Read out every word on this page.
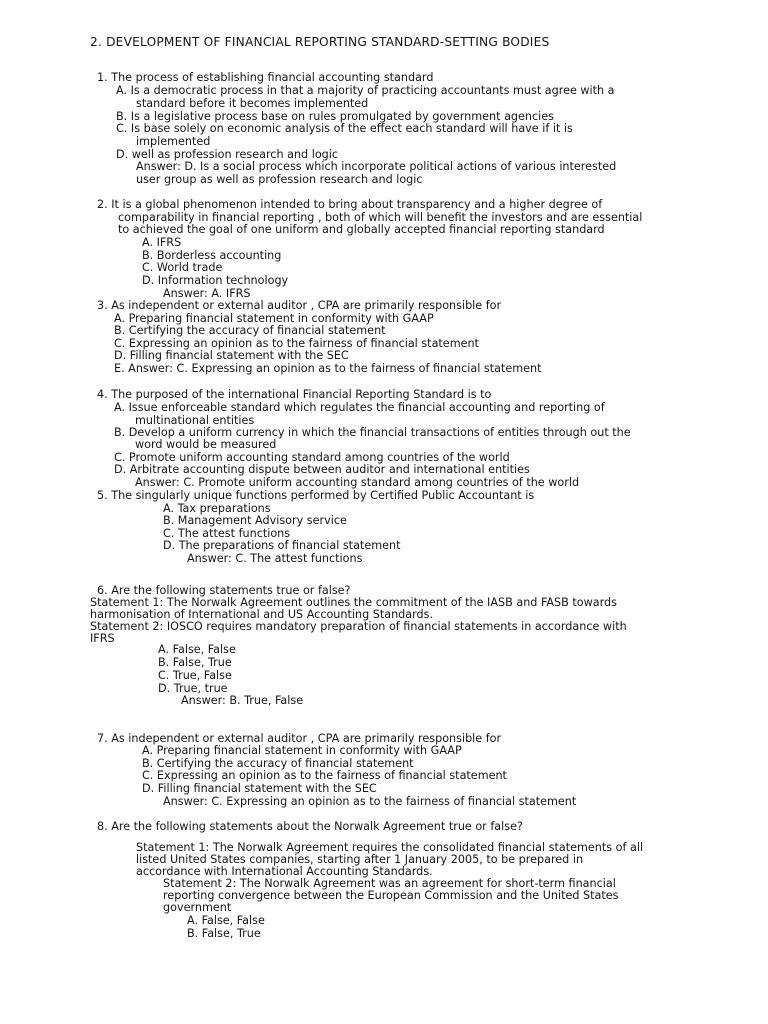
2. DEVELOPMENT OF FINANCIAL REPORTING STANDARD-SETTING BODIES
1. The process of establishing financial accounting standard
A. Is a democratic process in that a majority of practicing accountants must agree with a
standard before it becomes implemented
B. Is a legislative process base on rules promulgated by government agencies
C. Is base solely on economic analysis of the effect each standard will have if it is
implemented
D. well as profession research and logic
Answer: D. Is a social process which incorporate political actions of various interested
user group as well as profession research and logic
2. It is a global phenomenon intended to bring about transparency and a higher degree of
comparability in financial reporting , both of which will benefit the investors and are essential
to achieved the goal of one uniform and globally accepted financial reporting standard
A. IFRS
B. Borderless accounting
C. World trade
D. Information technology
Answer: A. IFRS
3. As independent or external auditor , CPA are primarily responsible for
A. Preparing financial statement in conformity with GAAP
B. Certifying the accuracy of financial statement
C. Expressing an opinion as to the fairness of financial statement
D. Filling financial statement with the SEC
E. Answer: C. Expressing an opinion as to the fairness of financial statement
4. The purposed of the international Financial Reporting Standard is to
A. Issue enforceable standard which regulates the financial accounting and reporting of
multinational entities
B. Develop a uniform currency in which the financial transactions of entities through out the
word would be measured
C. Promote uniform accounting standard among countries of the world
D. Arbitrate accounting dispute between auditor and international entities
Answer: C. Promote uniform accounting standard among countries of the world
5. The singularly unique functions performed by Certified Public Accountant is
A. Tax preparations
B. Management Advisory service
C. The attest functions
D. The preparations of financial statement
Answer: C. The attest functions
6. Are the following statements true or false?
Statement 1: The Norwalk Agreement outlines the commitment of the IASB and FASB towards
harmonisation of International and US Accounting Standards.
Statement 2: IOSCO requires mandatory preparation of financial statements in accordance with
IFRS
A. False, False
B. False, True
C. True, False
D. True, true
Answer: B. True, False
7. As independent or external auditor , CPA are primarily responsible for
A. Preparing financial statement in conformity with GAAP
B. Certifying the accuracy of financial statement
C. Expressing an opinion as to the fairness of financial statement
D. Filling financial statement with the SEC
Answer: C. Expressing an opinion as to the fairness of financial statement
8. Are the following statements about the Norwalk Agreement true or false?
Statement 1: The Norwalk Agreement requires the consolidated financial statements of all
listed United States companies, starting after 1 January 2005, to be prepared in
accordance with International Accounting Standards.
Statement 2: The Norwalk Agreement was an agreement for short-term financial
reporting convergence between the European Commission and the United States
government
A. False, False
B. False, True
